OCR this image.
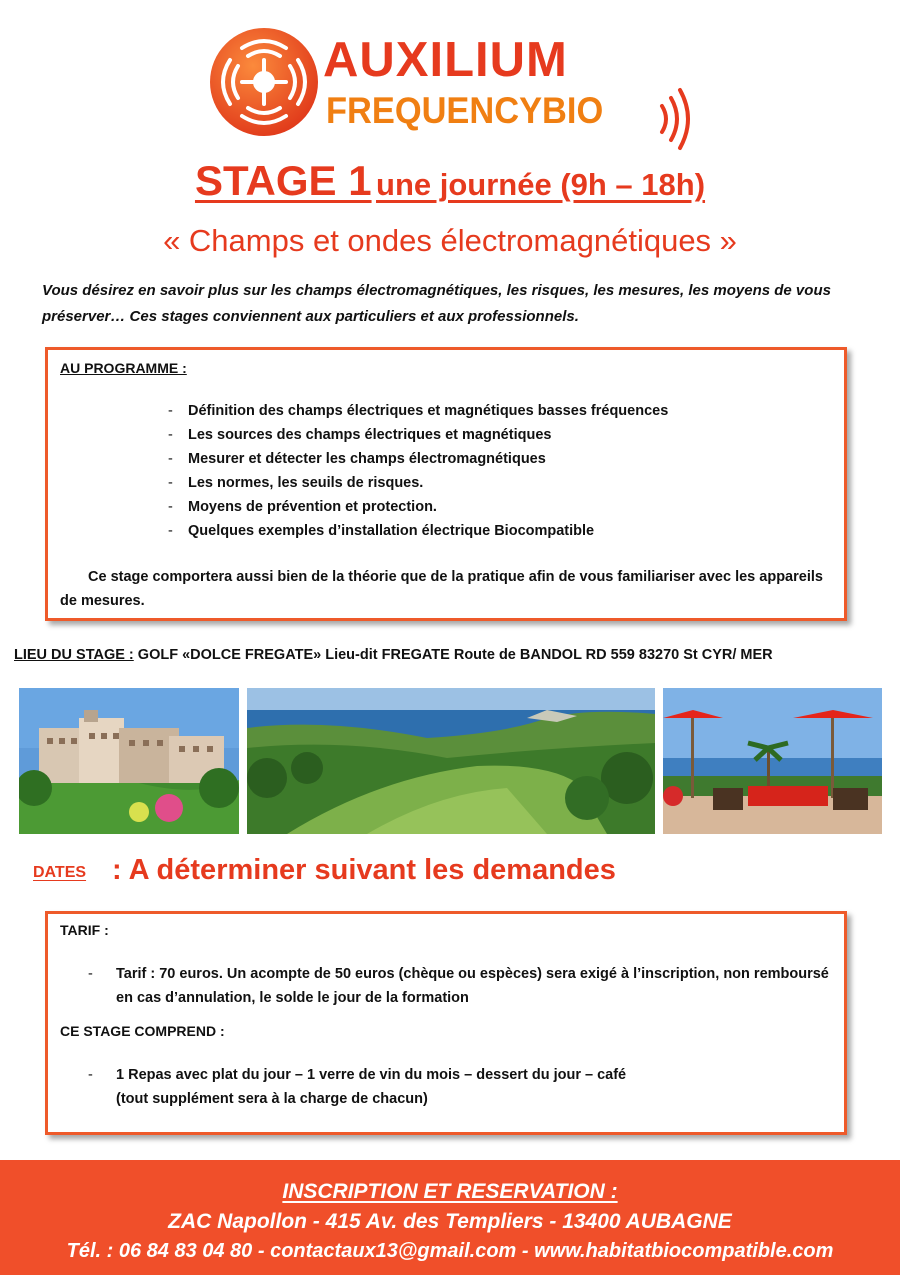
AUXILIUM
FREQUENCYBIO
STAGE 1 une journée (9h – 18h)
« Champs et ondes électromagnétiques »
Vous désirez en savoir plus sur les champs électromagnétiques, les risques, les mesures, les moyens de vous préserver… Ces stages conviennent aux particuliers et aux professionnels.
AU PROGRAMME :
- Définition des champs électriques et magnétiques basses fréquences
- Les sources des champs électriques et magnétiques
- Mesurer et détecter les champs électromagnétiques
- Les normes, les seuils de risques.
- Moyens de prévention et protection.
- Quelques exemples d’installation électrique Biocompatible
Ce stage comportera aussi bien de la théorie que de la pratique afin de vous familiariser avec les appareils de mesures.
LIEU DU STAGE : GOLF «DOLCE FREGATE» Lieu-dit FREGATE Route de BANDOL RD 559 83270 St CYR/ MER
DATES : A déterminer suivant les demandes
TARIF :
- Tarif : 70 euros. Un acompte de 50 euros (chèque ou espèces) sera exigé à l’inscription, non remboursé en cas d’annulation, le solde le jour de la formation
CE STAGE COMPREND :
- 1 Repas avec plat du jour – 1 verre de vin du mois – dessert du jour – café
(tout supplément sera à la charge de chacun)
INSCRIPTION ET RESERVATION :
ZAC Napollon - 415 Av. des Templiers - 13400 AUBAGNE
Tél. : 06 84 83 04 80 - contactaux13@gmail.com - www.habitatbiocompatible.com
